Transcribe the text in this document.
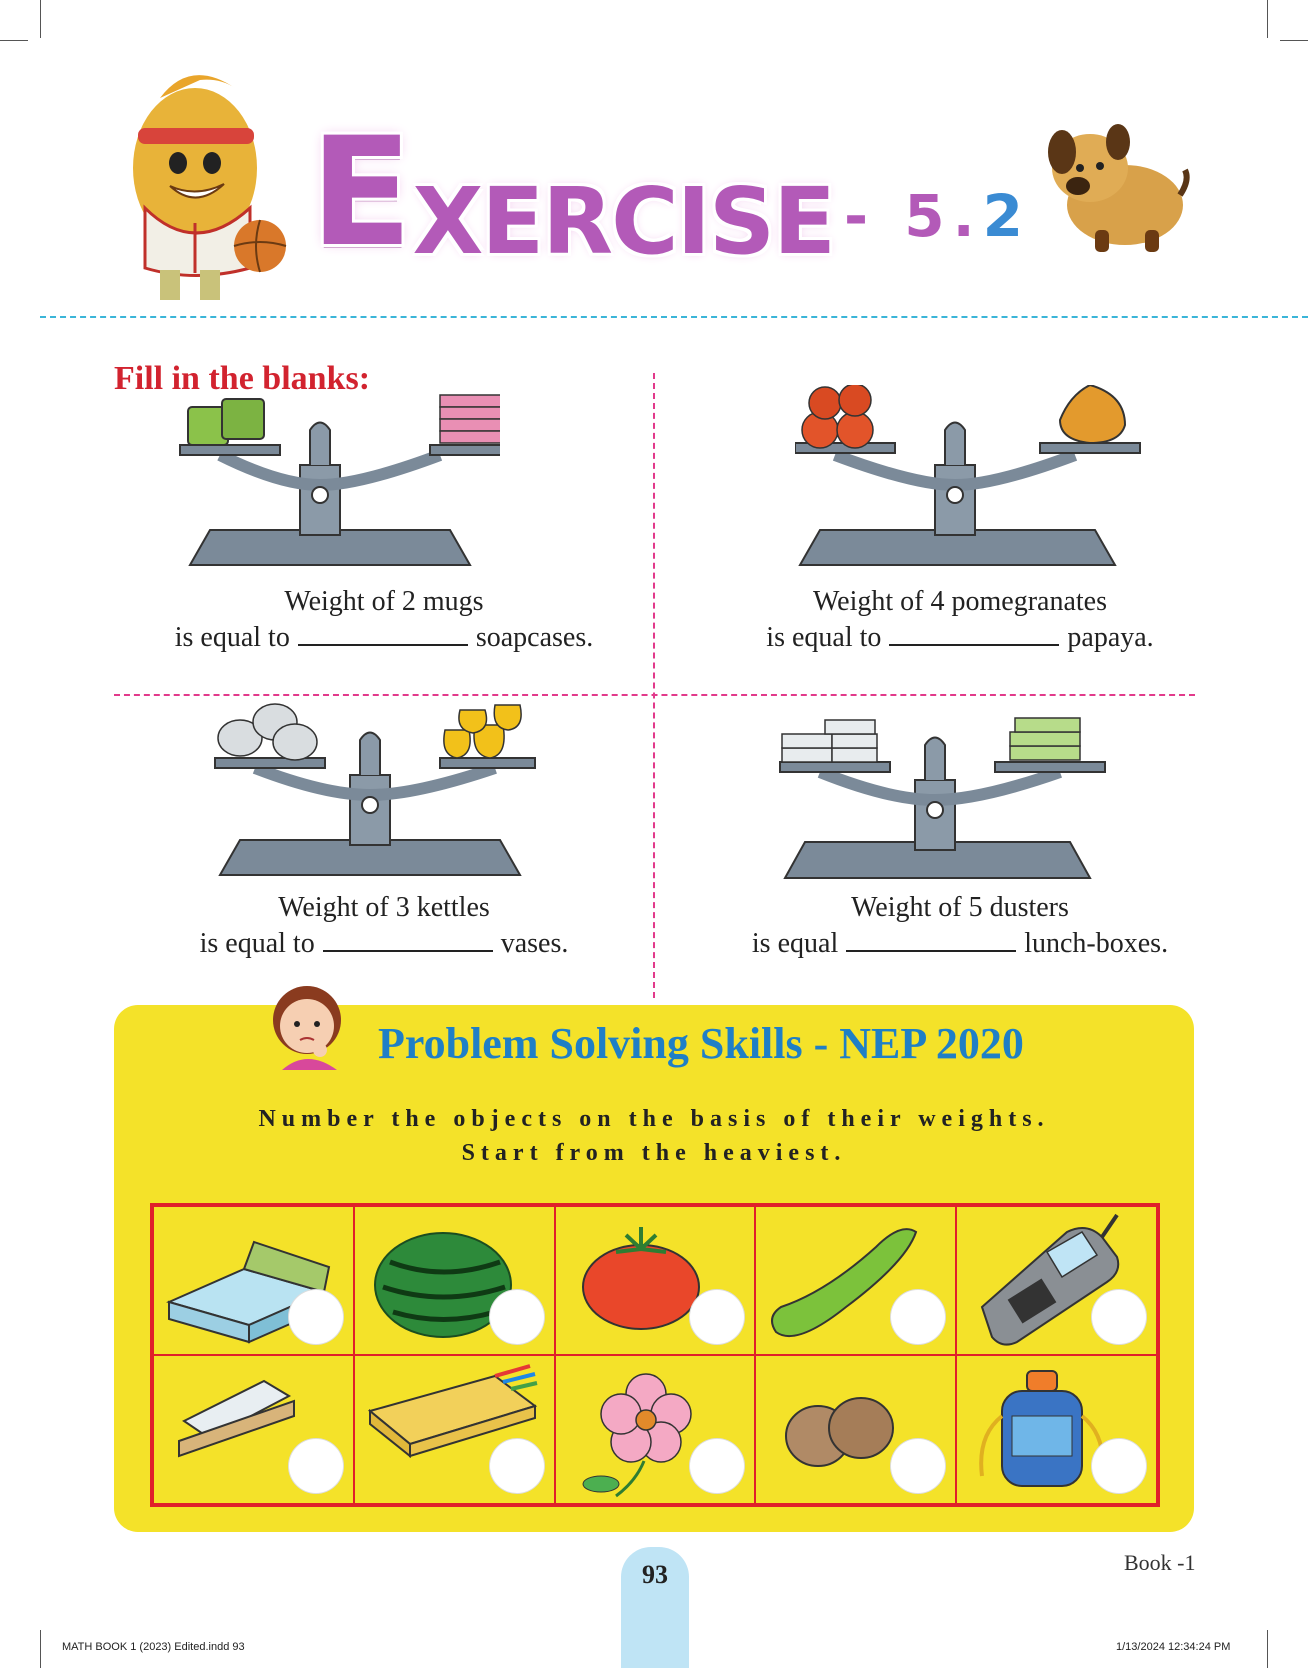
E XERCISE - 5.2
Fill in the blanks:
Weight of 2 mugs
is equal to	soapcases.
Weight of 4 pomegranates
is equal to	papaya.
Weight of 3 kettles
is equal to	vases.
Weight of 5 dusters
is equal	lunch-boxes.
Problem Solving Skills - NEP 2020
Number the objects on the basis of their weights.
Start from the heaviest.
93	Book -1
MATH BOOK 1 (2023) Edited.indd 93	1/13/2024 12:34:24 PM
